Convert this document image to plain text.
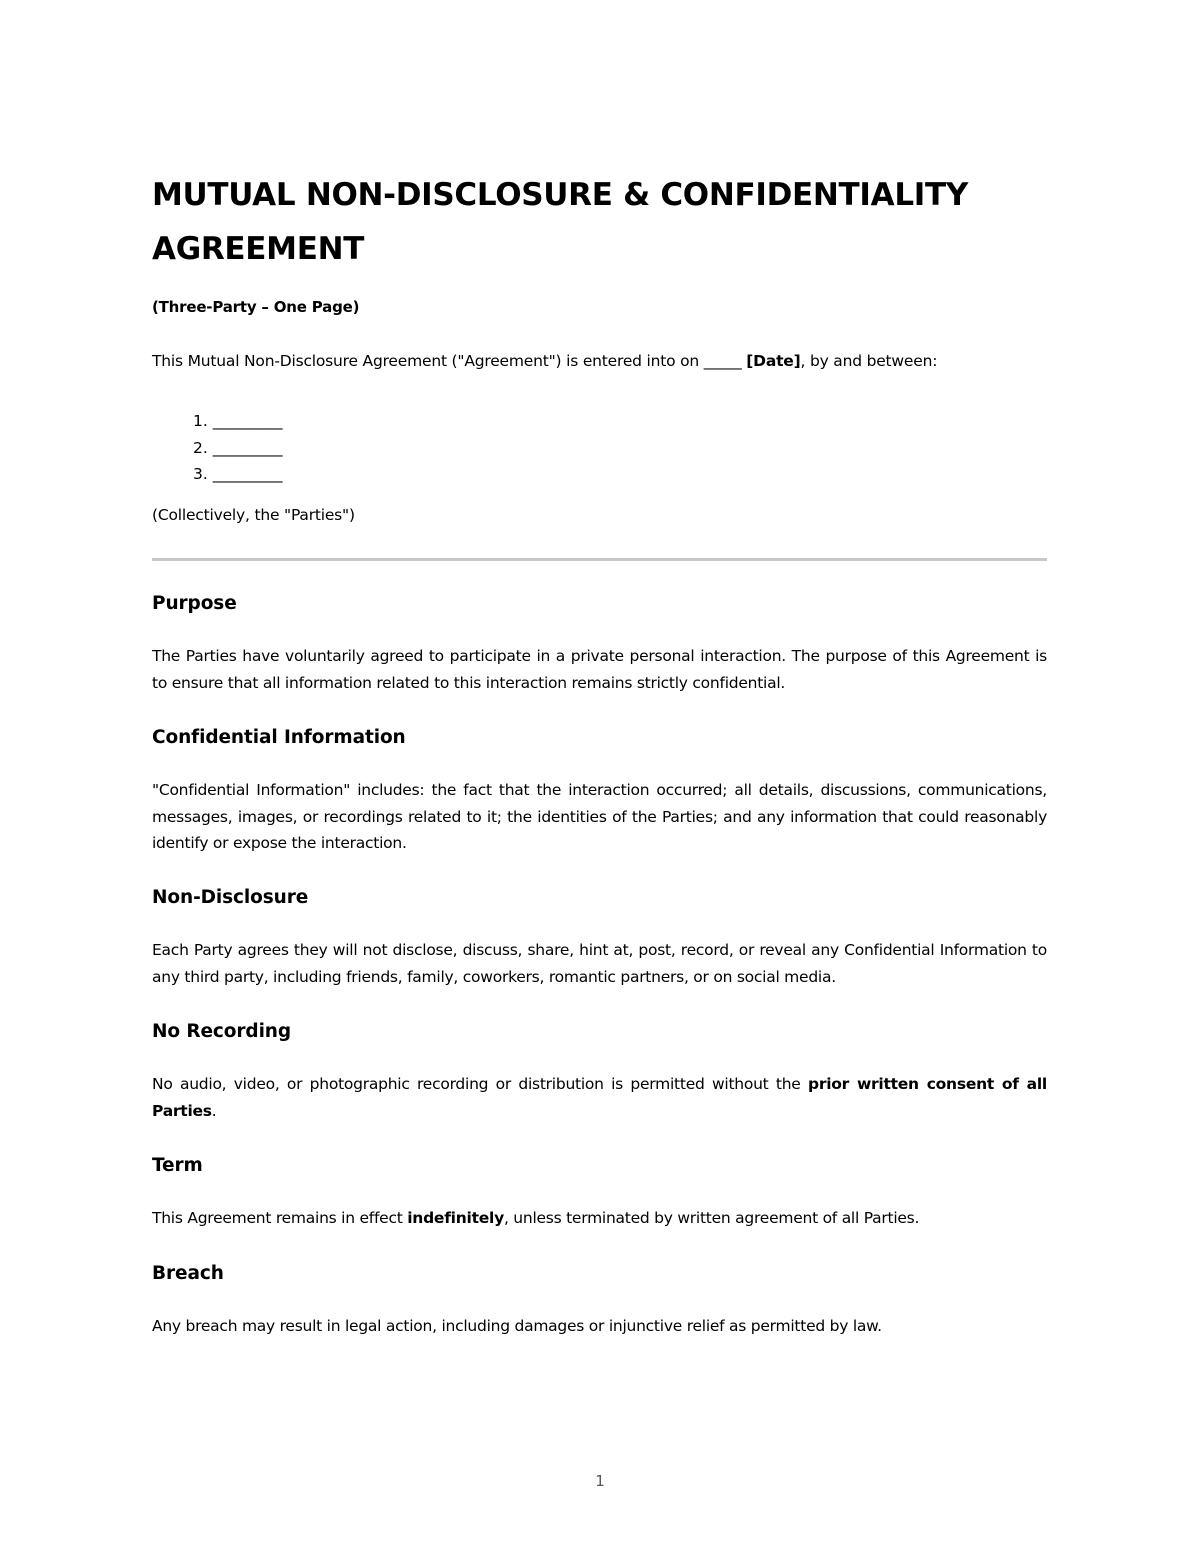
MUTUAL NON-DISCLOSURE & CONFIDENTIALITY AGREEMENT

(Three-Party – One Page)

This Mutual Non-Disclosure Agreement ("Agreement") is entered into on _____ [Date], by and between:

1. _________
2. _________
3. _________

(Collectively, the "Parties")

Purpose

The Parties have voluntarily agreed to participate in a private personal interaction. The purpose of this Agreement is to ensure that all information related to this interaction remains strictly confidential.

Confidential Information

"Confidential Information" includes: the fact that the interaction occurred; all details, discussions, communications, messages, images, or recordings related to it; the identities of the Parties; and any information that could reasonably identify or expose the interaction.

Non-Disclosure

Each Party agrees they will not disclose, discuss, share, hint at, post, record, or reveal any Confidential Information to any third party, including friends, family, coworkers, romantic partners, or on social media.

No Recording

No audio, video, or photographic recording or distribution is permitted without the prior written consent of all Parties.

Term

This Agreement remains in effect indefinitely, unless terminated by written agreement of all Parties.

Breach

Any breach may result in legal action, including damages or injunctive relief as permitted by law.

1
